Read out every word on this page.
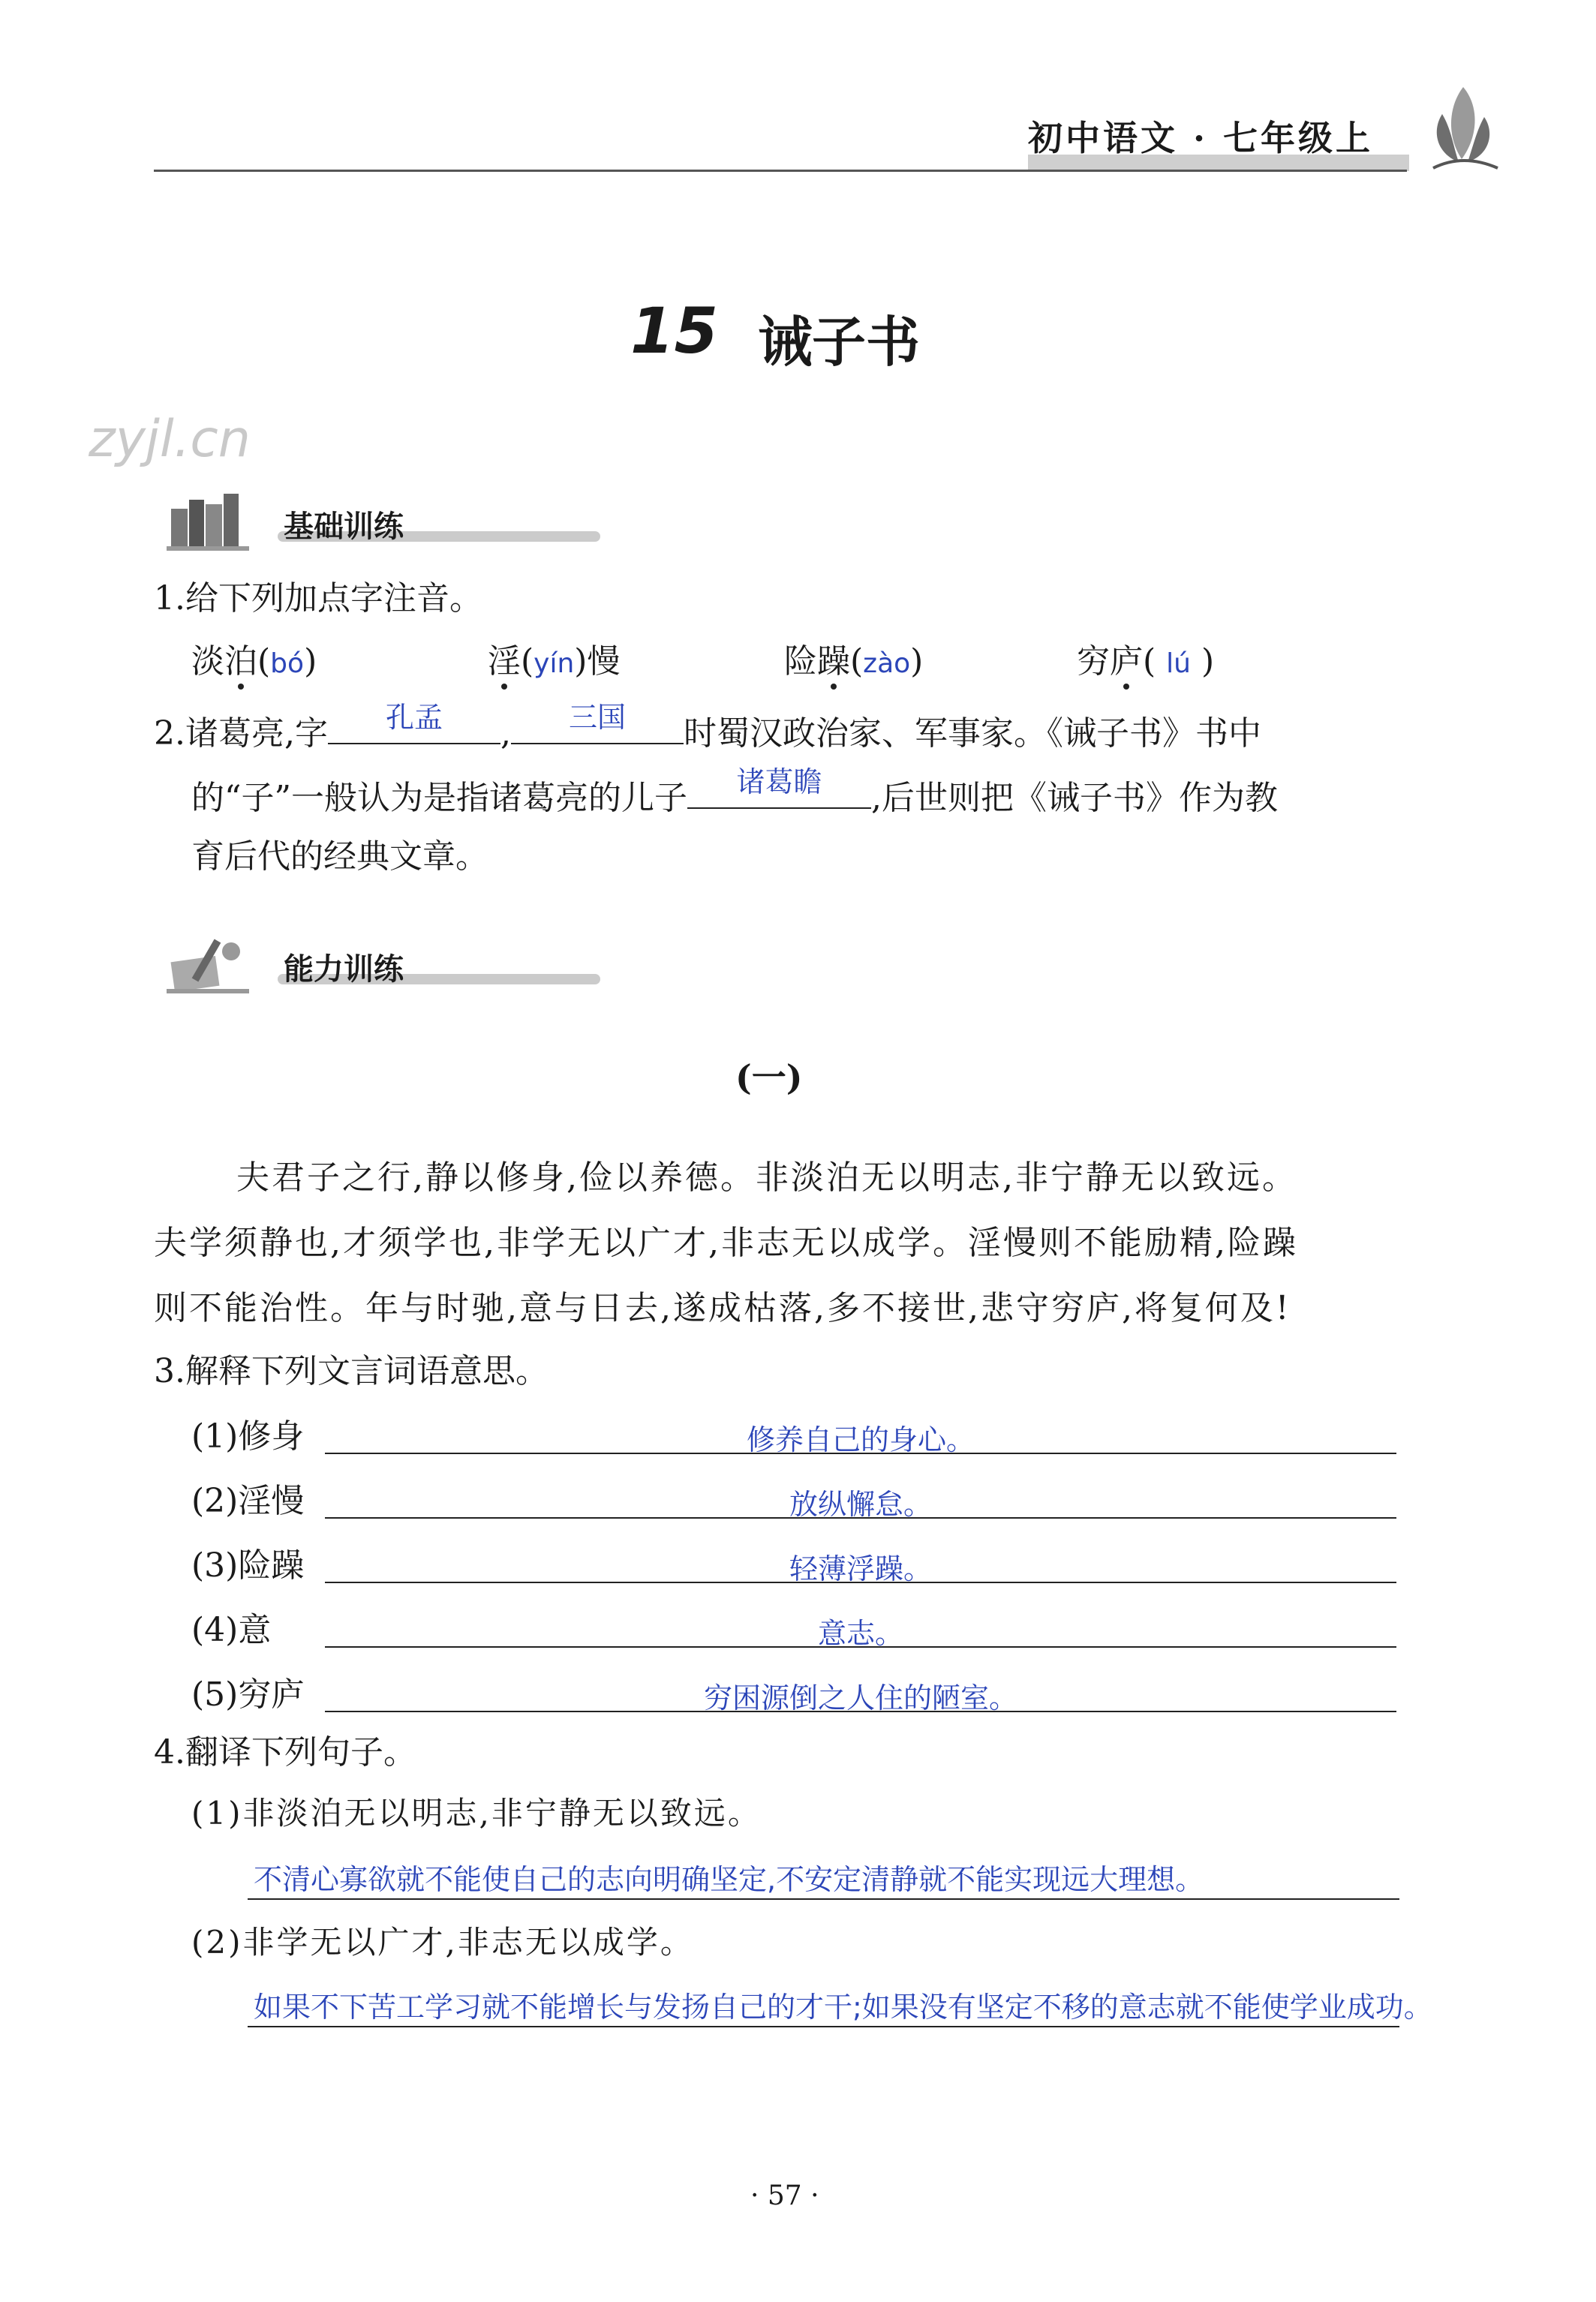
初中语文 · 七年级上
15 诫子书
zyjl.cn
基础训练
1.给下列加点字注音。
淡泊(bó)	淫(yín)慢	险躁(zào)	穷庐( lú )
2.诸葛亮,字	孔孟	,	三国	时蜀汉政治家、军事家。《诫子书》书中
的“子”一般认为是指诸葛亮的儿子	诸葛瞻	,后世则把《诫子书》作为教
育后代的经典文章。
能力训练
(一)
夫君子之行,静以修身,俭以养德。非淡泊无以明志,非宁静无以致远。
夫学须静也,才须学也,非学无以广才,非志无以成学。淫慢则不能励精,险躁
则不能治性。年与时驰,意与日去,遂成枯落,多不接世,悲守穷庐,将复何及!
3.解释下列文言词语意思。
(1)修身	修养自己的身心。
(2)淫慢	放纵懈怠。
(3)险躁	轻薄浮躁。
(4)意	意志。
(5)穷庐	穷困源倒之人住的陋室。
4.翻译下列句子。
(1)非淡泊无以明志,非宁静无以致远。
不清心寡欲就不能使自己的志向明确坚定,不安定清静就不能实现远大理想。
(2)非学无以广才,非志无以成学。
如果不下苦工学习就不能增长与发扬自己的才干;如果没有坚定不移的意志就不能使学业成功。
· 57 ·
